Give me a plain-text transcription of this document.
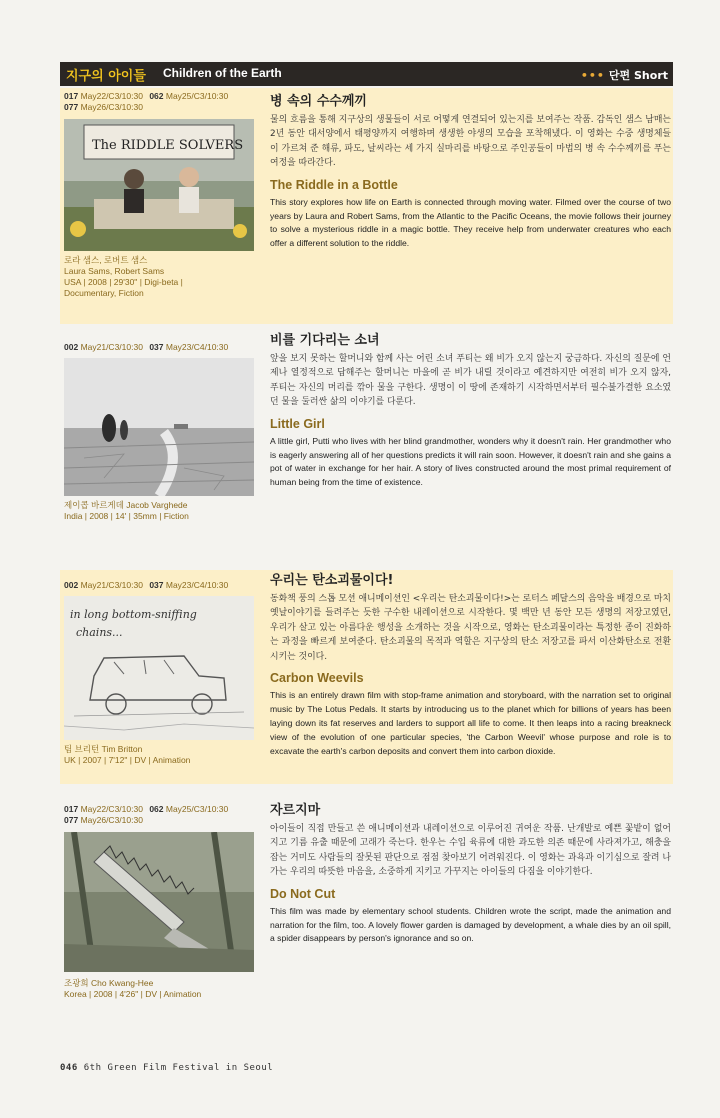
지구의 아이들 Children of the Earth	••• 단편 Short
017 May22/C3/10:30 062 May25/C3/10:30
077 May26/C3/10:30
The RIDDLE SOLVERS
로라 샘스, 로버트 샘스
Laura Sams, Robert Sams
USA | 2008 | 29'30" | Digi-beta |
Documentary, Fiction
병 속의 수수께끼

물의 흐름을 통해 지구상의 생물들이 서로 어떻게 연결되어 있는지를 보여주는 작품. 감독인 샘스 남매는 2년 동안 대서양에서 태평양까지 여행하며 생생한 야생의 모습을 포착해냈다. 이 영화는 수중 생명체들이 가르쳐 준 해류, 파도, 날씨라는 세 가지 실마리를 바탕으로 주인공들이 마법의 병 속 수수께끼를 푸는 여정을 따라간다.

The Riddle in a Bottle

This story explores how life on Earth is connected through moving water. Filmed over the course of two years by Laura and Robert Sams, from the Atlantic to the Pacific Oceans, the movie follows their journey to solve a mysterious riddle in a magic bottle. They receive help from underwater creatures who each offer a different solution to the riddle.

002 May21/C3/10:30 037 May23/C4/10:30
제이콥 바르게데 Jacob Varghede
India | 2008 | 14' | 35mm | Fiction
비를 기다리는 소녀

앞을 보지 못하는 할머니와 함께 사는 어린 소녀 푸티는 왜 비가 오지 않는지 궁금하다. 자신의 질문에 언제나 열정적으로 답해주는 할머니는 마을에 곧 비가 내릴 것이라고 예견하지만 여전히 비가 오지 않자, 푸티는 자신의 머리를 깎아 물을 구한다. 생명이 이 땅에 존재하기 시작하면서부터 필수불가결한 요소였던 물을 둘러싼 삶의 이야기를 다룬다.

Little Girl

A little girl, Putti who lives with her blind grandmother, wonders why it doesn't rain. Her grandmother who is eagerly answering all of her questions predicts it will rain soon. However, it doesn't rain and she gains a pot of water in exchange for her hair. A story of lives constructed around the most primal requirement of human being from the time of existence.

002 May21/C3/10:30 037 May23/C4/10:30
in long bottom-sniffing
chains...
팀 브리턴 Tim Britton
UK | 2007 | 7'12" | DV | Animation
우리는 탄소괴물이다!

동화책 풍의 스톱 모션 애니메이션인 <우리는 탄소괴물이다!>는 로터스 페달스의 음악을 배경으로 마치 옛날이야기를 들려주는 듯한 구수한 내레이션으로 시작한다. 몇 백만 년 동안 모든 생명의 저장고였던, 우리가 살고 있는 아름다운 행성을 소개하는 것을 시작으로, 영화는 탄소괴물이라는 특정한 종이 진화하는 과정을 빠르게 보여준다. 탄소괴물의 목적과 역할은 지구상의 탄소 저장고를 파서 이산화탄소로 전환시키는 것이다.

Carbon Weevils

This is an entirely drawn film with stop-frame animation and storyboard, with the narration set to original music by The Lotus Pedals. It starts by introducing us to the planet which for billions of years has been laying down its fat reserves and larders to support all life to come. It then leaps into a racing breakneck view of the evolution of one particular species, 'the Carbon Weevil' whose purpose and role is to excavate the earth's carbon deposits and convert them into carbon dioxide.

017 May22/C3/10:30 062 May25/C3/10:30
077 May26/C3/10:30
조광희 Cho Kwang-Hee
Korea | 2008 | 4'26" | DV | Animation
자르지마

아이들이 직접 만들고 쓴 애니메이션과 내레이션으로 이루어진 귀여운 작품. 난개발로 예쁜 꽃밭이 없어지고 기름 유출 때문에 고래가 죽는다. 한우는 수입 육류에 대한 과도한 의존 때문에 사라져가고, 해충을 잡는 거미도 사람들의 잘못된 판단으로 점점 찾아보기 어려워진다. 이 영화는 과욕과 이기심으로 잘려 나가는 우리의 따뜻한 마음을, 소중하게 지키고 가꾸지는 아이들의 다짐을 이야기한다.

Do Not Cut

This film was made by elementary school students. Children wrote the script, made the animation and narration for the film, too. A lovely flower garden is damaged by development, a whale dies by an oil spill, a spider disappears by person's ignorance and so on.

046 6th Green Film Festival in Seoul
